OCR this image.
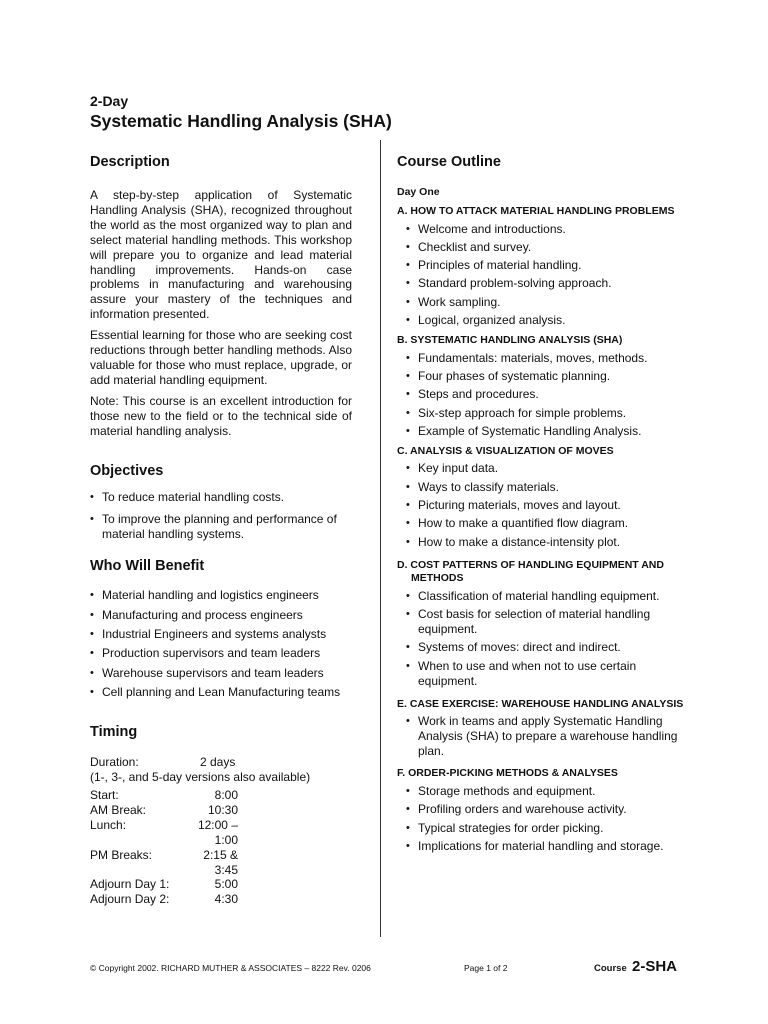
2-Day
Systematic Handling Analysis (SHA)
Description

A step-by-step application of Systematic Handling Analysis (SHA), recognized throughout the world as the most organized way to plan and select material handling methods. This workshop will prepare you to organize and lead material handling improvements. Hands-on case problems in manufacturing and warehousing assure your mastery of the techniques and information presented.

Essential learning for those who are seeking cost reductions through better handling methods. Also valuable for those who must replace, upgrade, or add material handling equipment.

Note: This course is an excellent introduction for those new to the field or to the technical side of material handling analysis.

Objectives
• To reduce material handling costs.
• To improve the planning and performance of material handling systems.
Who Will Benefit
• Material handling and logistics engineers
• Manufacturing and process engineers
• Industrial Engineers and systems analysts
• Production supervisors and team leaders
• Warehouse supervisors and team leaders
• Cell planning and Lean Manufacturing teams
Timing
Duration:	2 days
(1-, 3-, and 5-day versions also available)
Start:	8:00
AM Break:	10:30
Lunch:	12:00 – 1:00
PM Breaks:	2:15 & 3:45
Adjourn Day 1:	5:00
Adjourn Day 2:	4:30
Course Outline
Day One
A. HOW TO ATTACK MATERIAL HANDLING PROBLEMS
• Welcome and introductions.
• Checklist and survey.
• Principles of material handling.
• Standard problem-solving approach.
• Work sampling.
• Logical, organized analysis.
B. SYSTEMATIC HANDLING ANALYSIS (SHA)
• Fundamentals: materials, moves, methods.
• Four phases of systematic planning.
• Steps and procedures.
• Six-step approach for simple problems.
• Example of Systematic Handling Analysis.
C. ANALYSIS & VISUALIZATION OF MOVES
• Key input data.
• Ways to classify materials.
• Picturing materials, moves and layout.
• How to make a quantified flow diagram.
• How to make a distance-intensity plot.
D. COST PATTERNS OF HANDLING EQUIPMENT AND METHODS
• Classification of material handling equipment.
• Cost basis for selection of material handling equipment.
• Systems of moves: direct and indirect.
• When to use and when not to use certain equipment.
E. CASE EXERCISE: WAREHOUSE HANDLING ANALYSIS
• Work in teams and apply Systematic Handling Analysis (SHA) to prepare a warehouse handling plan.
F. ORDER-PICKING METHODS & ANALYSES
• Storage methods and equipment.
• Profiling orders and warehouse activity.
• Typical strategies for order picking.
• Implications for material handling and storage.
© Copyright 2002. RICHARD MUTHER & ASSOCIATES – 8222 Rev. 0206	Page 1 of 2	Course 2-SHA
